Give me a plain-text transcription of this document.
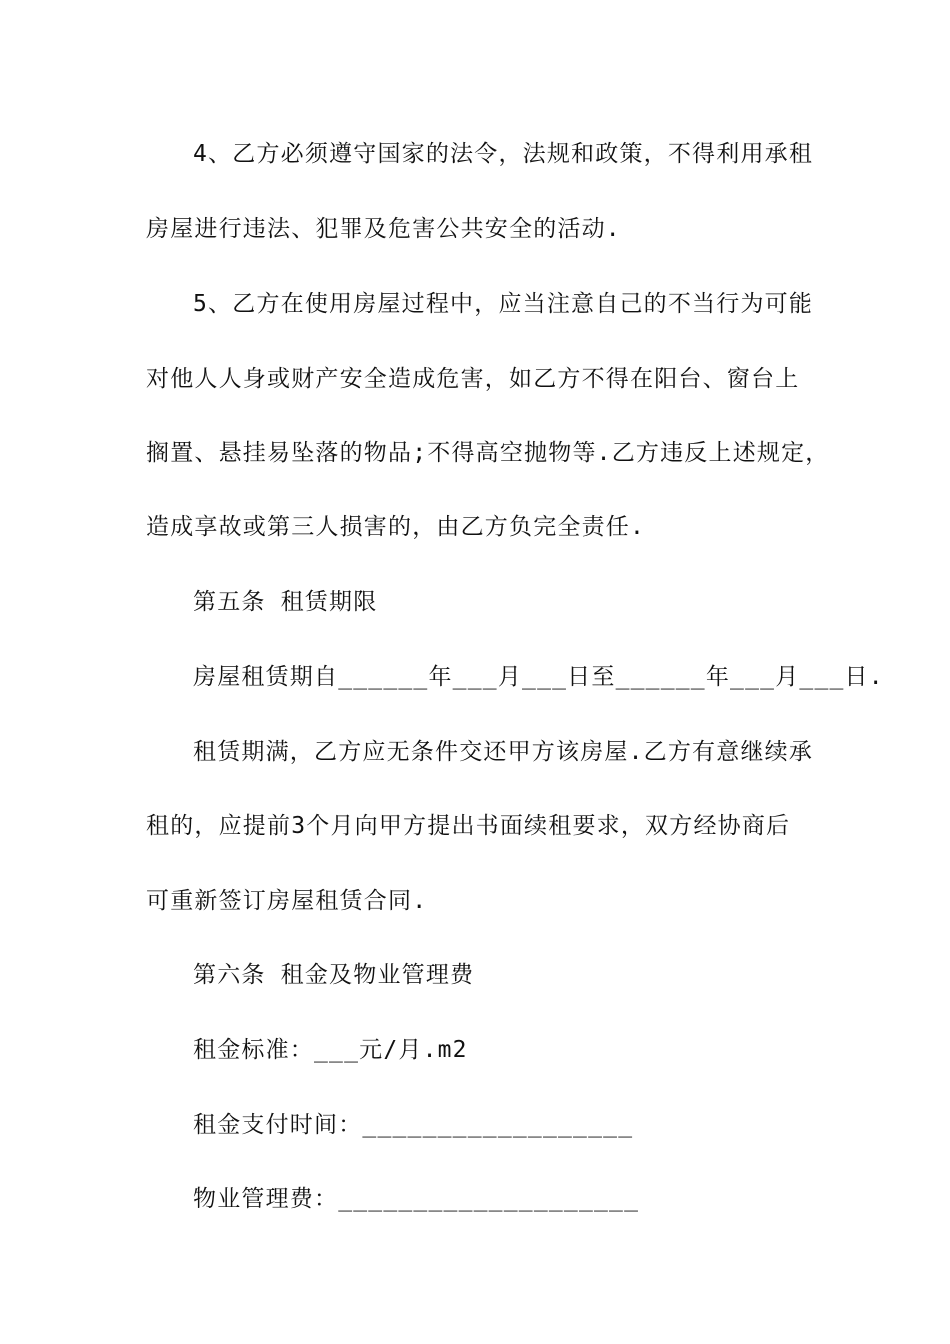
4、乙方必须遵守国家的法令，法规和政策，不得利用承租
房屋进行违法、犯罪及危害公共安全的活动.
5、乙方在使用房屋过程中，应当注意自己的不当行为可能
对他人人身或财产安全造成危害，如乙方不得在阳台、窗台上
搁置、悬挂易坠落的物品;不得高空抛物等.乙方违反上述规定，
造成享故或第三人损害的，由乙方负完全责任.
第五条 租赁期限
房屋租赁期自______年___月___日至______年___月___日.
租赁期满，乙方应无条件交还甲方该房屋.乙方有意继续承
租的，应提前3个月向甲方提出书面续租要求，双方经协商后
可重新签订房屋租赁合同.
第六条 租金及物业管理费
租金标准：___元/月.m2
租金支付时间：__________________
物业管理费：____________________
